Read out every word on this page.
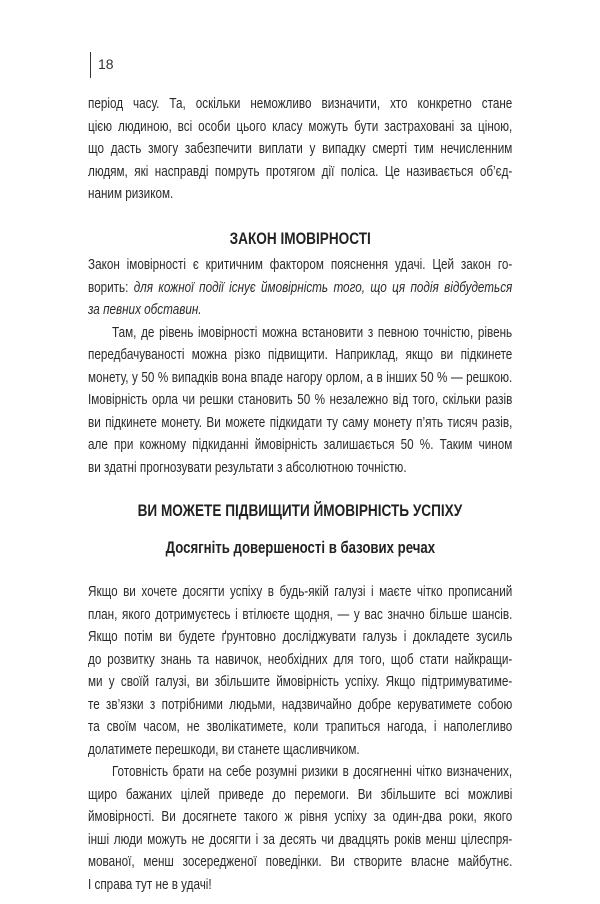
18
період часу. Та, оскільки неможливо визначити, хто конкретно стане
цією людиною, всі особи цього класу можуть бути застраховані за ціною,
що дасть змогу забезпечити виплати у випадку смерті тим нечисленним
людям, які насправді помруть протягом дії поліса. Це називається об’єд-
наним ризиком.
ЗАКОН ІМОВІРНОСТІ
Закон імовірності є критичним фактором пояснення удачі. Цей закон го-
ворить: для кожної події існує ймовірність того, що ця подія відбудеться
за певних обставин.
Там, де рівень імовірності можна встановити з певною точністю, рівень
передбачуваності можна різко підвищити. Наприклад, якщо ви підкинете
монету, у 50 % випадків вона впаде нагору орлом, а в інших 50 % — решкою.
Імовірність орла чи решки становить 50 % незалежно від того, скільки разів
ви підкинете монету. Ви можете підкидати ту саму монету п’ять тисяч разів,
але при кожному підкиданні ймовірність залишається 50 %. Таким чином
ви здатні прогнозувати результати з абсолютною точністю.
ВИ МОЖЕТЕ ПІДВИЩИТИ ЙМОВІРНІСТЬ УСПІХУ
Досягніть довершеності в базових речах
Якщо ви хочете досягти успіху в будь-якій галузі і маєте чітко прописаний
план, якого дотримуєтесь і втілюєте щодня, — у вас значно більше шансів.
Якщо потім ви будете ґрунтовно досліджувати галузь і докладете зусиль
до розвитку знань та навичок, необхідних для того, щоб стати найкращи-
ми у своїй галузі, ви збільшите ймовірність успіху. Якщо підтримуватиме-
те зв’язки з потрібними людьми, надзвичайно добре керуватимете собою
та своїм часом, не зволікатимете, коли трапиться нагода, і наполегливо
долатимете перешкоди, ви станете щасливчиком.
Готовність брати на себе розумні ризики в досягненні чітко визначених,
щиро бажаних цілей приведе до перемоги. Ви збільшите всі можливі
ймовірності. Ви досягнете такого ж рівня успіху за один-два роки, якого
інші люди можуть не досягти і за десять чи двадцять років менш цілеспря-
мованої, менш зосередженої поведінки. Ви створите власне майбутнє.
І справа тут не в удачі!
